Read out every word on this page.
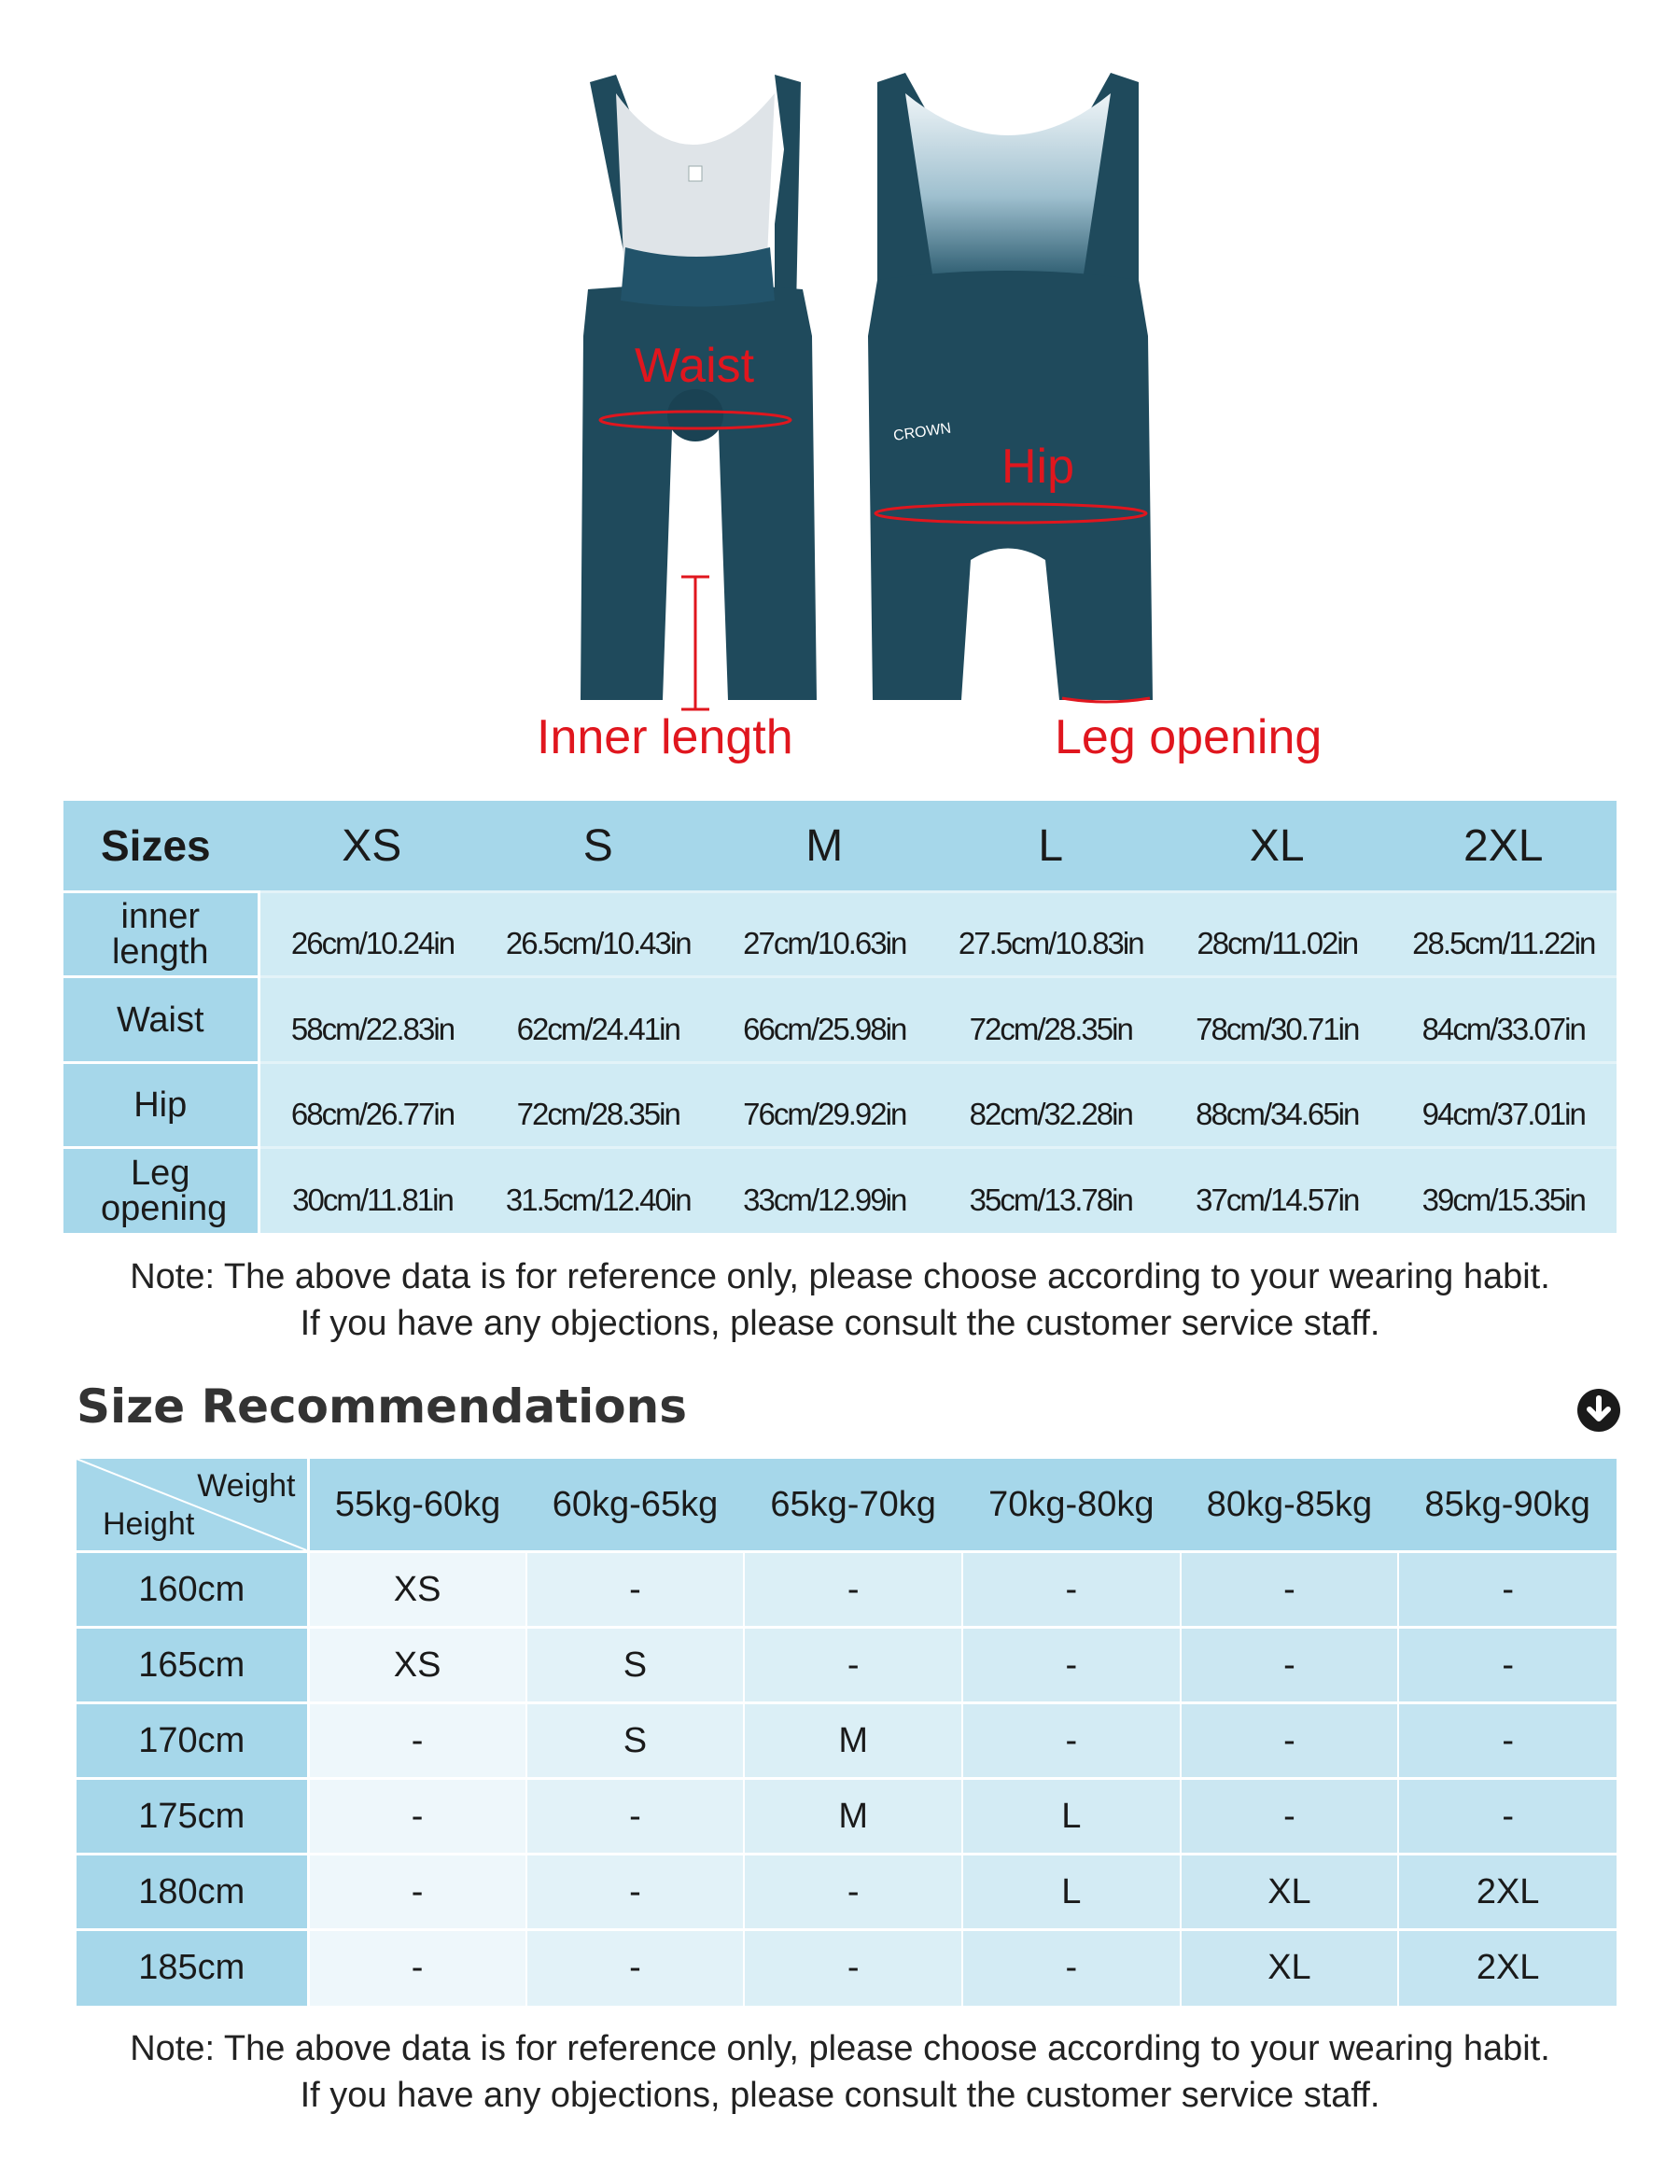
CROWN
Waist
Hip
Inner length	Leg opening
Sizes	XS	S	M	L	XL	2XL
inner length	26cm/10.24in	26.5cm/10.43in	27cm/10.63in	27.5cm/10.83in	28cm/11.02in	28.5cm/11.22in
Waist	58cm/22.83in	62cm/24.41in	66cm/25.98in	72cm/28.35in	78cm/30.71in	84cm/33.07in
Hip	68cm/26.77in	72cm/28.35in	76cm/29.92in	82cm/32.28in	88cm/34.65in	94cm/37.01in
Leg opening	30cm/11.81in	31.5cm/12.40in	33cm/12.99in	35cm/13.78in	37cm/14.57in	39cm/15.35in
Note: The above data is for reference only, please choose according to your wearing habit.
If you have any objections, please consult the customer service staff.
Size Recommendations
Weight
Height	55kg-60kg	60kg-65kg	65kg-70kg	70kg-80kg	80kg-85kg	85kg-90kg
160cm	XS	-	-	-	-	-
165cm	XS	S	-	-	-	-
170cm	-	S	M	-	-	-
175cm	-	-	M	L	-	-
180cm	-	-	-	L	XL	2XL
185cm	-	-	-	-	XL	2XL
Note: The above data is for reference only, please choose according to your wearing habit.
If you have any objections, please consult the customer service staff.
